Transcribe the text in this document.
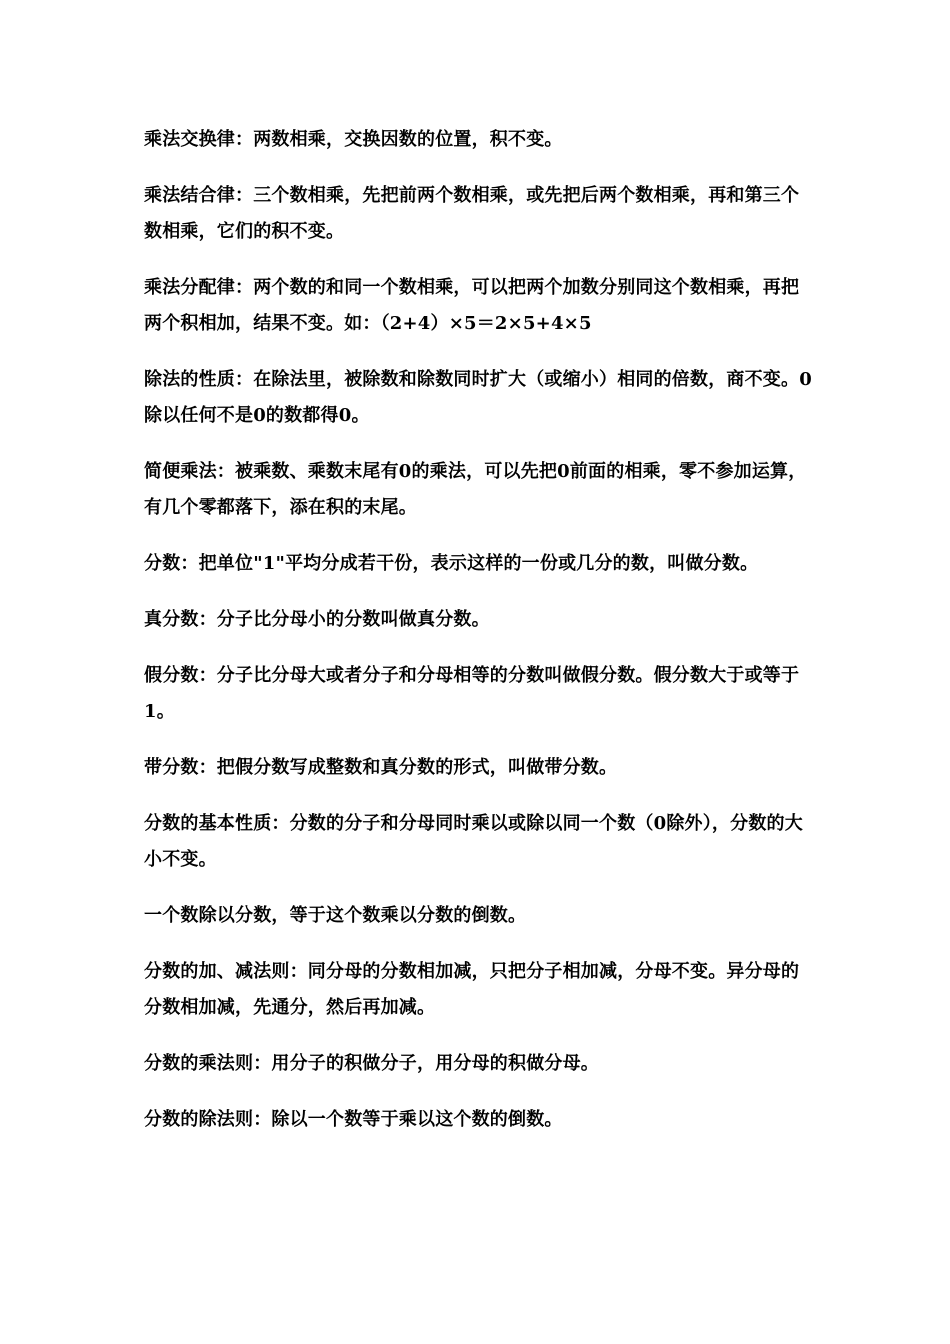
乘法交换律：两数相乘，交换因数的位置，积不变。

乘法结合律：三个数相乘，先把前两个数相乘，或先把后两个数相乘，再和第三个数相乘，它们的积不变。

乘法分配律：两个数的和同一个数相乘，可以把两个加数分别同这个数相乘，再把两个积相加，结果不变。如：（2+4）×5＝2×5+4×5

除法的性质：在除法里，被除数和除数同时扩大（或缩小）相同的倍数，商不变。0除以任何不是0的数都得0。

简便乘法：被乘数、乘数末尾有0的乘法，可以先把0前面的相乘，零不参加运算，有几个零都落下，添在积的末尾。

分数：把单位"1"平均分成若干份，表示这样的一份或几分的数，叫做分数。

真分数：分子比分母小的分数叫做真分数。

假分数：分子比分母大或者分子和分母相等的分数叫做假分数。假分数大于或等于1。

带分数：把假分数写成整数和真分数的形式，叫做带分数。

分数的基本性质：分数的分子和分母同时乘以或除以同一个数（0除外），分数的大小不变。

一个数除以分数，等于这个数乘以分数的倒数。

分数的加、减法则：同分母的分数相加减，只把分子相加减，分母不变。异分母的分数相加减，先通分，然后再加减。

分数的乘法则：用分子的积做分子，用分母的积做分母。

分数的除法则：除以一个数等于乘以这个数的倒数。
